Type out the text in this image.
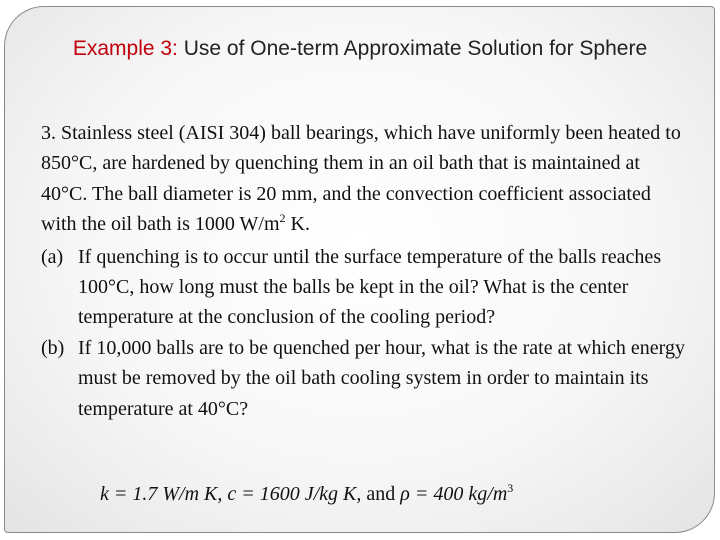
Example 3: Use of One-term Approximate Solution for Sphere

3. Stainless steel (AISI 304) ball bearings, which have uniformly been heated to 850°C, are hardened by quenching them in an oil bath that is maintained at 40°C. The ball diameter is 20 mm, and the convection coefficient associated with the oil bath is 1000 $W/m^2$ K.

(a) If quenching is to occur until the surface temperature of the balls reaches 100°C, how long must the balls be kept in the oil? What is the center temperature at the conclusion of the cooling period?
(b) If 10,000 balls are to be quenched per hour, what is the rate at which energy must be removed by the oil bath cooling system in order to maintain its temperature at 40°C?
k = 1.7 W/m K, c = 1600 J/kg K, and ρ = 400 $kg/m^3$
